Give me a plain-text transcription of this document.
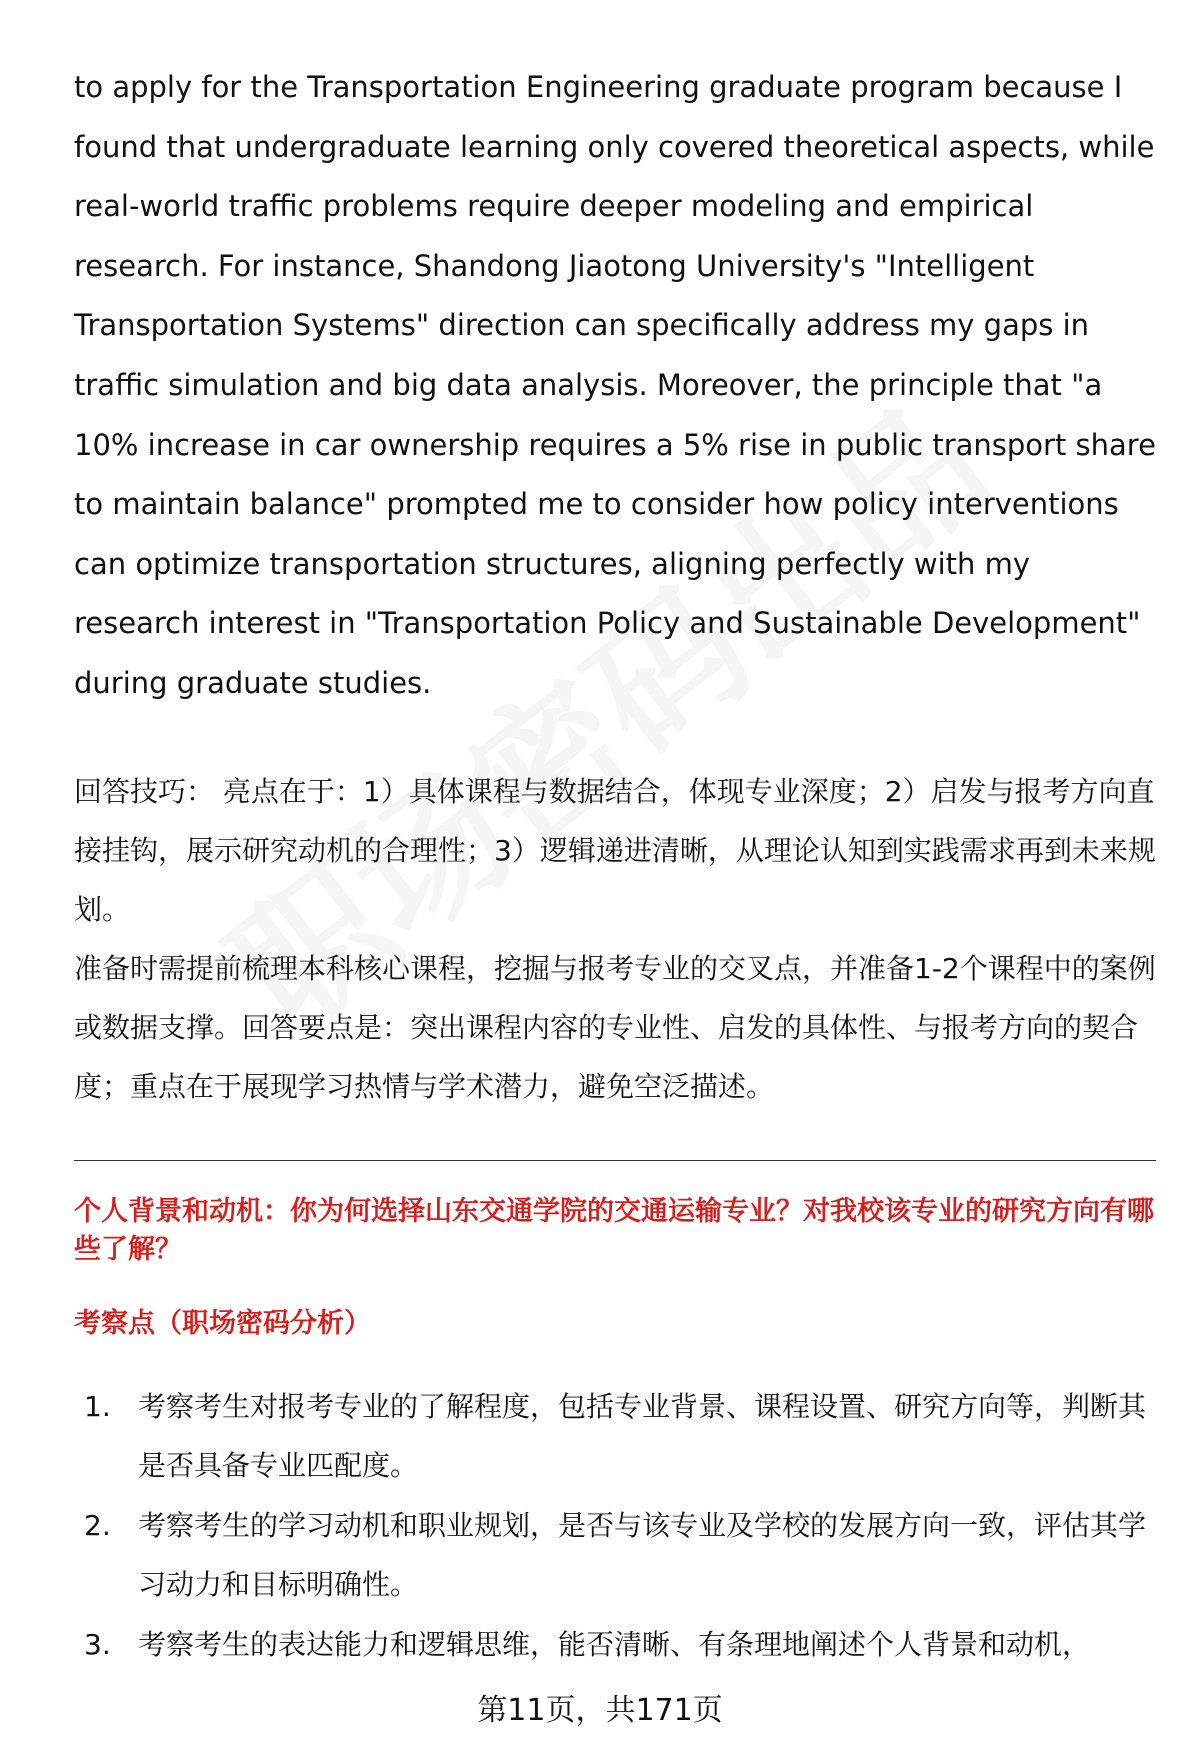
to apply for the Transportation Engineering graduate program because I found that undergraduate learning only covered theoretical aspects, while real-world traffic problems require deeper modeling and empirical research. For instance, Shandong Jiaotong University's "Intelligent Transportation Systems" direction can specifically address my gaps in traffic simulation and big data analysis. Moreover, the principle that "a 10% increase in car ownership requires a 5% rise in public transport share to maintain balance" prompted me to consider how policy interventions can optimize transportation structures, aligning perfectly with my research interest in "Transportation Policy and Sustainable Development" during graduate studies.

回答技巧： 亮点在于：1）具体课程与数据结合，体现专业深度；2）启发与报考方向直接挂钩，展示研究动机的合理性；3）逻辑递进清晰，从理论认知到实践需求再到未来规划。

准备时需提前梳理本科核心课程，挖掘与报考专业的交叉点，并准备1-2个课程中的案例或数据支撑。回答要点是：突出课程内容的专业性、启发的具体性、与报考方向的契合度；重点在于展现学习热情与学术潜力，避免空泛描述。

个人背景和动机：你为何选择山东交通学院的交通运输专业？对我校该专业的研究方向有哪些了解？
考察点（职场密码分析）
1. 考察考生对报考专业的了解程度，包括专业背景、课程设置、研究方向等，判断其是否具备专业匹配度。
2. 考察考生的学习动机和职业规划，是否与该专业及学校的发展方向一致，评估其学习动力和目标明确性。
3. 考察考生的表达能力和逻辑思维，能否清晰、有条理地阐述个人背景和动机，
第11页，共171页
